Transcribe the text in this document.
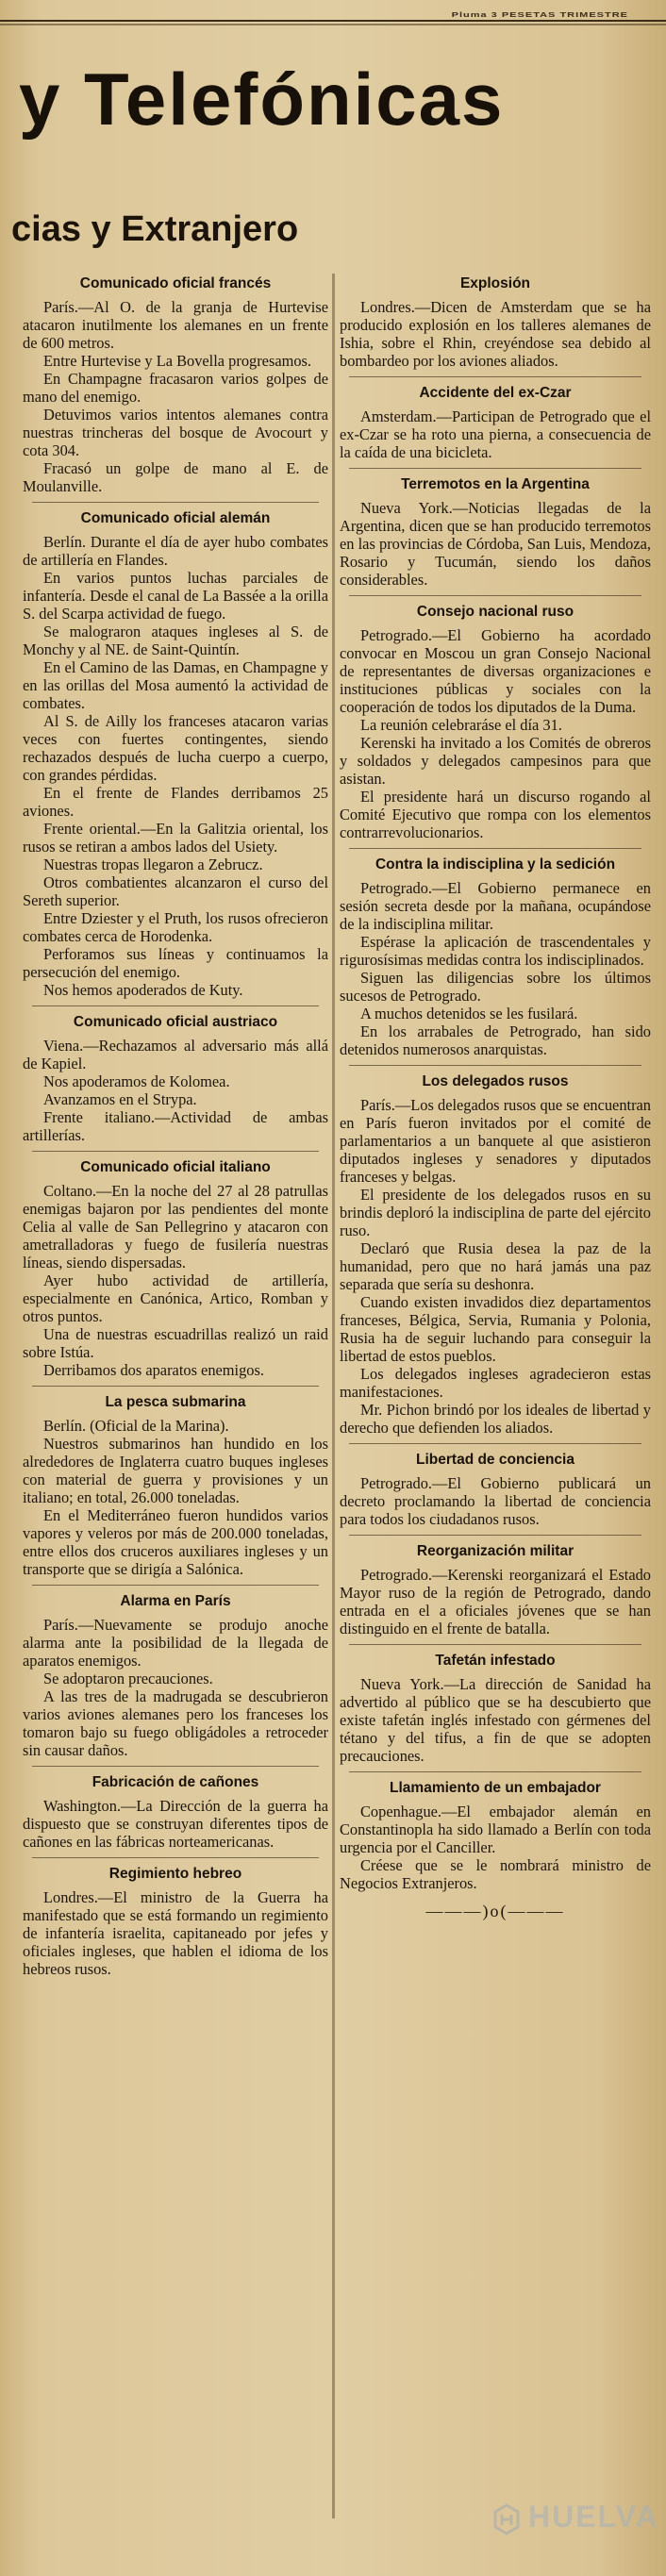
Pluma 3 PESETAS TRIMESTRE
y Telefónicas
cias y Extranjero
Comunicado oficial francés

París.—Al O. de la granja de Hurtevise atacaron inutilmente los alemanes en un frente de 600 metros.

Entre Hurtevise y La Bovella progresamos.

En Champagne fracasaron varios golpes de mano del enemigo.

Detuvimos varios intentos alemanes contra nuestras trincheras del bosque de Avocourt y cota 304.

Fracasó un golpe de mano al E. de Moulanville.

Comunicado oficial alemán

Berlín. Durante el día de ayer hubo combates de artillería en Flandes.

En varios puntos luchas parciales de infantería. Desde el canal de La Bassée a la orilla S. del Scarpa actividad de fuego.

Se malograron ataques ingleses al S. de Monchy y al NE. de Saint-Quintín.

En el Camino de las Damas, en Champagne y en las orillas del Mosa aumentó la actividad de combates.

Al S. de Ailly los franceses atacaron varias veces con fuertes contingentes, siendo rechazados después de lucha cuerpo a cuerpo, con grandes pérdidas.

En el frente de Flandes derribamos 25 aviones.

Frente oriental.—En la Galitzia oriental, los rusos se retiran a ambos lados del Usiety.

Nuestras tropas llegaron a Zebrucz.

Otros combatientes alcanzaron el curso del Sereth superior.

Entre Dziester y el Pruth, los rusos ofrecieron combates cerca de Horodenka.

Perforamos sus líneas y continuamos la persecución del enemigo.

Nos hemos apoderados de Kuty.

Comunicado oficial austriaco

Viena.—Rechazamos al adversario más allá de Kapiel.

Nos apoderamos de Kolomea.

Avanzamos en el Strypa.

Frente italiano.—Actividad de ambas artillerías.

Comunicado oficial italiano

Coltano.—En la noche del 27 al 28 patrullas enemigas bajaron por las pendientes del monte Celia al valle de San Pellegrino y atacaron con ametralladoras y fuego de fusilería nuestras líneas, siendo dispersadas.

Ayer hubo actividad de artillería, especialmente en Canónica, Artico, Romban y otros puntos.

Una de nuestras escuadrillas realizó un raid sobre Istúa.

Derribamos dos aparatos enemigos.

La pesca submarina

Berlín. (Oficial de la Marina).

Nuestros submarinos han hundido en los alrededores de Inglaterra cuatro buques ingleses con material de guerra y provisiones y un italiano; en total, 26.000 toneladas.

En el Mediterráneo fueron hundidos varios vapores y veleros por más de 200.000 toneladas, entre ellos dos cruceros auxiliares ingleses y un transporte que se dirigía a Salónica.

Alarma en París

París.—Nuevamente se produjo anoche alarma ante la posibilidad de la llegada de aparatos enemigos.

Se adoptaron precauciones.

A las tres de la madrugada se descubrieron varios aviones alemanes pero los franceses los tomaron bajo su fuego obligádoles a retroceder sin causar daños.

Fabricación de cañones

Washington.—La Dirección de la guerra ha dispuesto que se construyan diferentes tipos de cañones en las fábricas norteamericanas.

Regimiento hebreo

Londres.—El ministro de la Guerra ha manifestado que se está formando un regimiento de infantería israelita, capitaneado por jefes y oficiales ingleses, que hablen el idioma de los hebreos rusos.

Explosión

Londres.—Dicen de Amsterdam que se ha producido explosión en los talleres alemanes de Ishia, sobre el Rhin, creyéndose sea debido al bombardeo por los aviones aliados.

Accidente del ex-Czar

Amsterdam.—Participan de Petrogrado que el ex-Czar se ha roto una pierna, a consecuencia de la caída de una bicicleta.

Terremotos en la Argentina

Nueva York.—Noticias llegadas de la Argentina, dicen que se han producido terremotos en las provincias de Córdoba, San Luis, Mendoza, Rosario y Tucumán, siendo los daños considerables.

Consejo nacional ruso

Petrogrado.—El Gobierno ha acordado convocar en Moscou un gran Consejo Nacional de representantes de diversas organizaciones e instituciones públicas y sociales con la cooperación de todos los diputados de la Duma.

La reunión celebraráse el día 31.

Kerenski ha invitado a los Comités de obreros y soldados y delegados campesinos para que asistan.

El presidente hará un discurso rogando al Comité Ejecutivo que rompa con los elementos contrarrevolucionarios.

Contra la indisciplina y la sedición

Petrogrado.—El Gobierno permanece en sesión secreta desde por la mañana, ocupándose de la indisciplina militar.

Espérase la aplicación de trascendentales y rigurosísimas medidas contra los indisciplinados.

Siguen las diligencias sobre los últimos sucesos de Petrogrado.

A muchos detenidos se les fusilará.

En los arrabales de Petrogrado, han sido detenidos numerosos anarquistas.

Los delegados rusos

París.—Los delegados rusos que se encuentran en París fueron invitados por el comité de parlamentarios a un banquete al que asistieron diputados ingleses y senadores y diputados franceses y belgas.

El presidente de los delegados rusos en su brindis deploró la indisciplina de parte del ejército ruso.

Declaró que Rusia desea la paz de la humanidad, pero que no hará jamás una paz separada que sería su deshonra.

Cuando existen invadidos diez departamentos franceses, Bélgica, Servia, Rumania y Polonia, Rusia ha de seguir luchando para conseguir la libertad de estos pueblos.

Los delegados ingleses agradecieron estas manifestaciones.

Mr. Pichon brindó por los ideales de libertad y derecho que defienden los aliados.

Libertad de conciencia

Petrogrado.—El Gobierno publicará un decreto proclamando la libertad de conciencia para todos los ciudadanos rusos.

Reorganización militar

Petrogrado.—Kerenski reorganizará el Estado Mayor ruso de la región de Petrogrado, dando entrada en el a oficiales jóvenes que se han distinguido en el frente de batalla.

Tafetán infestado

Nueva York.—La dirección de Sanidad ha advertido al público que se ha descubierto que existe tafetán inglés infestado con gérmenes del tétano y del tifus, a fin de que se adopten precauciones.

Llamamiento de un embajador

Copenhague.—El embajador alemán en Constantinopla ha sido llamado a Berlín con toda urgencia por el Canciller.

Créese que se le nombrará ministro de Negocios Extranjeros.

———)o(———
HUELVA
